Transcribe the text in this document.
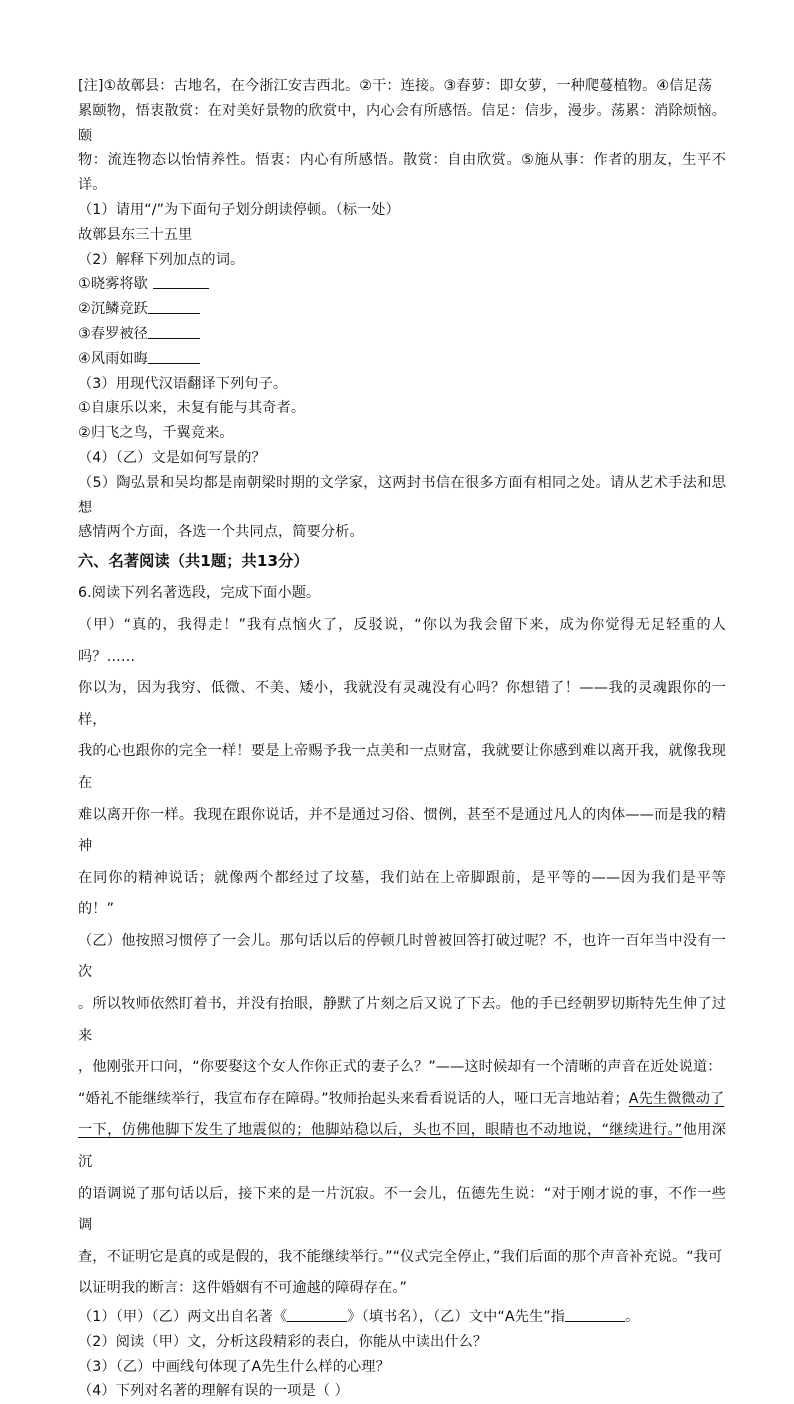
[注]①故鄣县：古地名，在今浙江安吉西北。②干：连接。③春萝：即女萝，一种爬蔓植物。④信足荡

累颐物，悟衷散赏：在对美好景物的欣赏中，内心会有所感悟。信足：信步，漫步。荡累：消除烦恼。颐

物：流连物态以怡情养性。悟衷：内心有所感悟。散赏：自由欣赏。⑤施从事：作者的朋友，生平不详。

（1）请用“/”为下面句子划分朗读停顿。（标一处）

故鄣县东三十五里

（2）解释下列加点的词。

①晓雾将歇

②沉鳞竞跃

③春罗被径

④风雨如晦

（3）用现代汉语翻译下列句子。

①自康乐以来，未复有能与其奇者。

②归飞之鸟，千翼竞来。

（4）（乙）文是如何写景的？

（5）陶弘景和吴均都是南朝梁时期的文学家，这两封书信在很多方面有相同之处。请从艺术手法和思想

感情两个方面，各选一个共同点，简要分析。

六、名著阅读（共1题；共13分）

6.阅读下列名著选段，完成下面小题。

（甲）“真的，我得走！”我有点恼火了，反驳说，“你以为我会留下来，成为你觉得无足轻重的人吗？……

你以为，因为我穷、低微、不美、矮小，我就没有灵魂没有心吗？你想错了！——我的灵魂跟你的一样，

我的心也跟你的完全一样！要是上帝赐予我一点美和一点财富，我就要让你感到难以离开我，就像我现在

难以离开你一样。我现在跟你说话，并不是通过习俗、惯例，甚至不是通过凡人的肉体——而是我的精神

在同你的精神说话；就像两个都经过了坟墓，我们站在上帝脚跟前，是平等的——因为我们是平等的！”

（乙）他按照习惯停了一会儿。那句话以后的停顿几时曾被回答打破过呢？不，也许一百年当中没有一次

。所以牧师依然盯着书，并没有抬眼，静默了片刻之后又说了下去。他的手已经朝罗切斯特先生伸了过来

，他刚张开口问，“你要娶这个女人作你正式的妻子么？”——这时候却有一个清晰的声音在近处说道：

“婚礼不能继续举行，我宣布存在障碍。”牧师抬起头来看看说话的人，哑口无言地站着；A先生微微动了

一下，仿佛他脚下发生了地震似的；他脚站稳以后，头也不回，眼睛也不动地说，“继续进行。”他用深沉

的语调说了那句话以后，接下来的是一片沉寂。不一会儿，伍德先生说：“对于刚才说的事，不作一些调

查，不证明它是真的或是假的，我不能继续举行。”“仪式完全停止，”我们后面的那个声音补充说。“我可

以证明我的断言：这件婚姻有不可逾越的障碍存在。”

（1）（甲）（乙）两文出自名著《	》（填书名），（乙）文中“A先生”指	。

（2）阅读（甲）文，分析这段精彩的表白，你能从中读出什么？

（3）（乙）中画线句体现了A先生什么样的心理？

（4）下列对名著的理解有误的一项是（ ）
